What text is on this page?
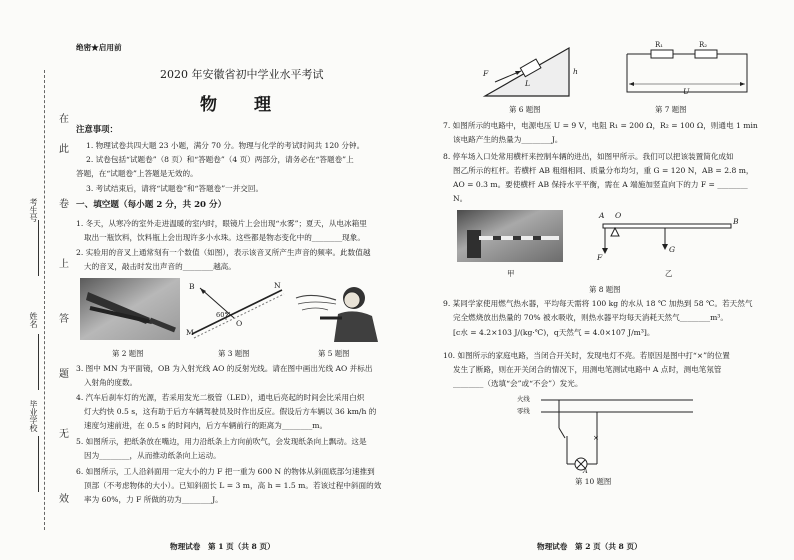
绝密★启用前
2020 年安徽省初中学业水平考试
物　理
注意事项：
1. 物理试卷共四大题 23 小题，满分 70 分。物理与化学的考试时间共 120 分钟。
2. 试卷包括“试题卷”（8 页）和“答题卷”（4 页）两部分，请务必在“答题卷”上
答题，在“试题卷”上答题是无效的。
3. 考试结束后，请将“试题卷”和“答题卷”一并交回。
一、填空题（每小题 2 分，共 20 分）
1. 冬天，从寒冷的室外走进温暖的室内时，眼镜片上会出现“水雾”；夏天，从电冰箱里
取出一瓶饮料，饮料瓶上会出现许多小水珠。这些都是物态变化中的________现象。
2. 实验用的音叉上通常刻有一个数值（如图），表示该音叉所产生声音的频率。此数值越
大的音叉，敲击时发出声音的________越高。
第 2 题图
B	N
O
M
60°
第 3 题图	第 5 题图
3. 图中 MN 为平面镜，OB 为入射光线 AO 的反射光线。请在图中画出光线 AO 并标出
入射角的度数。
4. 汽车后刹车灯的光源，若采用发光二极管（LED），通电后亮起的时间会比采用白炽
灯大约快 0.5 s，这有助于后方车辆驾驶员及时作出反应。假设后方车辆以 36 km/h 的
速度匀速前进，在 0.5 s 的时间内，后方车辆前行的距离为________m。
5. 如图所示，把纸条放在嘴边，用力沿纸条上方向前吹气，会发现纸条向上飘动。这是
因为________，从而推动纸条向上运动。
6. 如图所示，工人沿斜面用一定大小的力 F 把一重为 600 N 的物体从斜面底部匀速推到
顶部（不考虑物体的大小）。已知斜面长 L = 3 m，高 h = 1.5 m。若该过程中斜面的效
率为 60%，力 F 所做的功为________J。
物理试卷　第 1 页（共 8 页）
在
此
卷
上
答
题
无
效
考生号
姓名
毕业学校
F
L
h
第 6 题图
R₁	R₂
U
第 7 题图
7. 如图所示的电路中，电源电压 U = 9 V，电阻 R₁ = 200 Ω，R₂ = 100 Ω，则通电 1 min
该电路产生的热量为________J。
8. 停车场入口处常用横杆来控制车辆的进出，如图甲所示。我们可以把该装置简化成如
图乙所示的杠杆。若横杆 AB 粗细相同、质量分布均匀，重 G = 120 N，AB = 2.8 m，
AO = 0.3 m。要使横杆 AB 保持水平平衡，需在 A 端施加竖直向下的力 F = ________
N。
甲
A O
B
F
G
乙
第 8 题图
9. 某同学家使用燃气热水器，平均每天需将 100 kg 的水从 18 ℃ 加热到 58 ℃。若天然气
完全燃烧放出热量的 70% 被水吸收，则热水器平均每天消耗天然气________m³。
[c水 = 4.2×103 J/(kg·℃)，q天然气 = 4.0×107 J/m³]。
10. 如图所示的家庭电路，当闭合开关时，发现电灯不亮。若原因是图中打“×”的位置
发生了断路，则在开关闭合的情况下，用测电笔测试电路中 A 点时，测电笔氖管
________（选填“会”或“不会”）发光。
×
火线
零线
A
第 10 题图
物理试卷　第 2 页（共 8 页）
